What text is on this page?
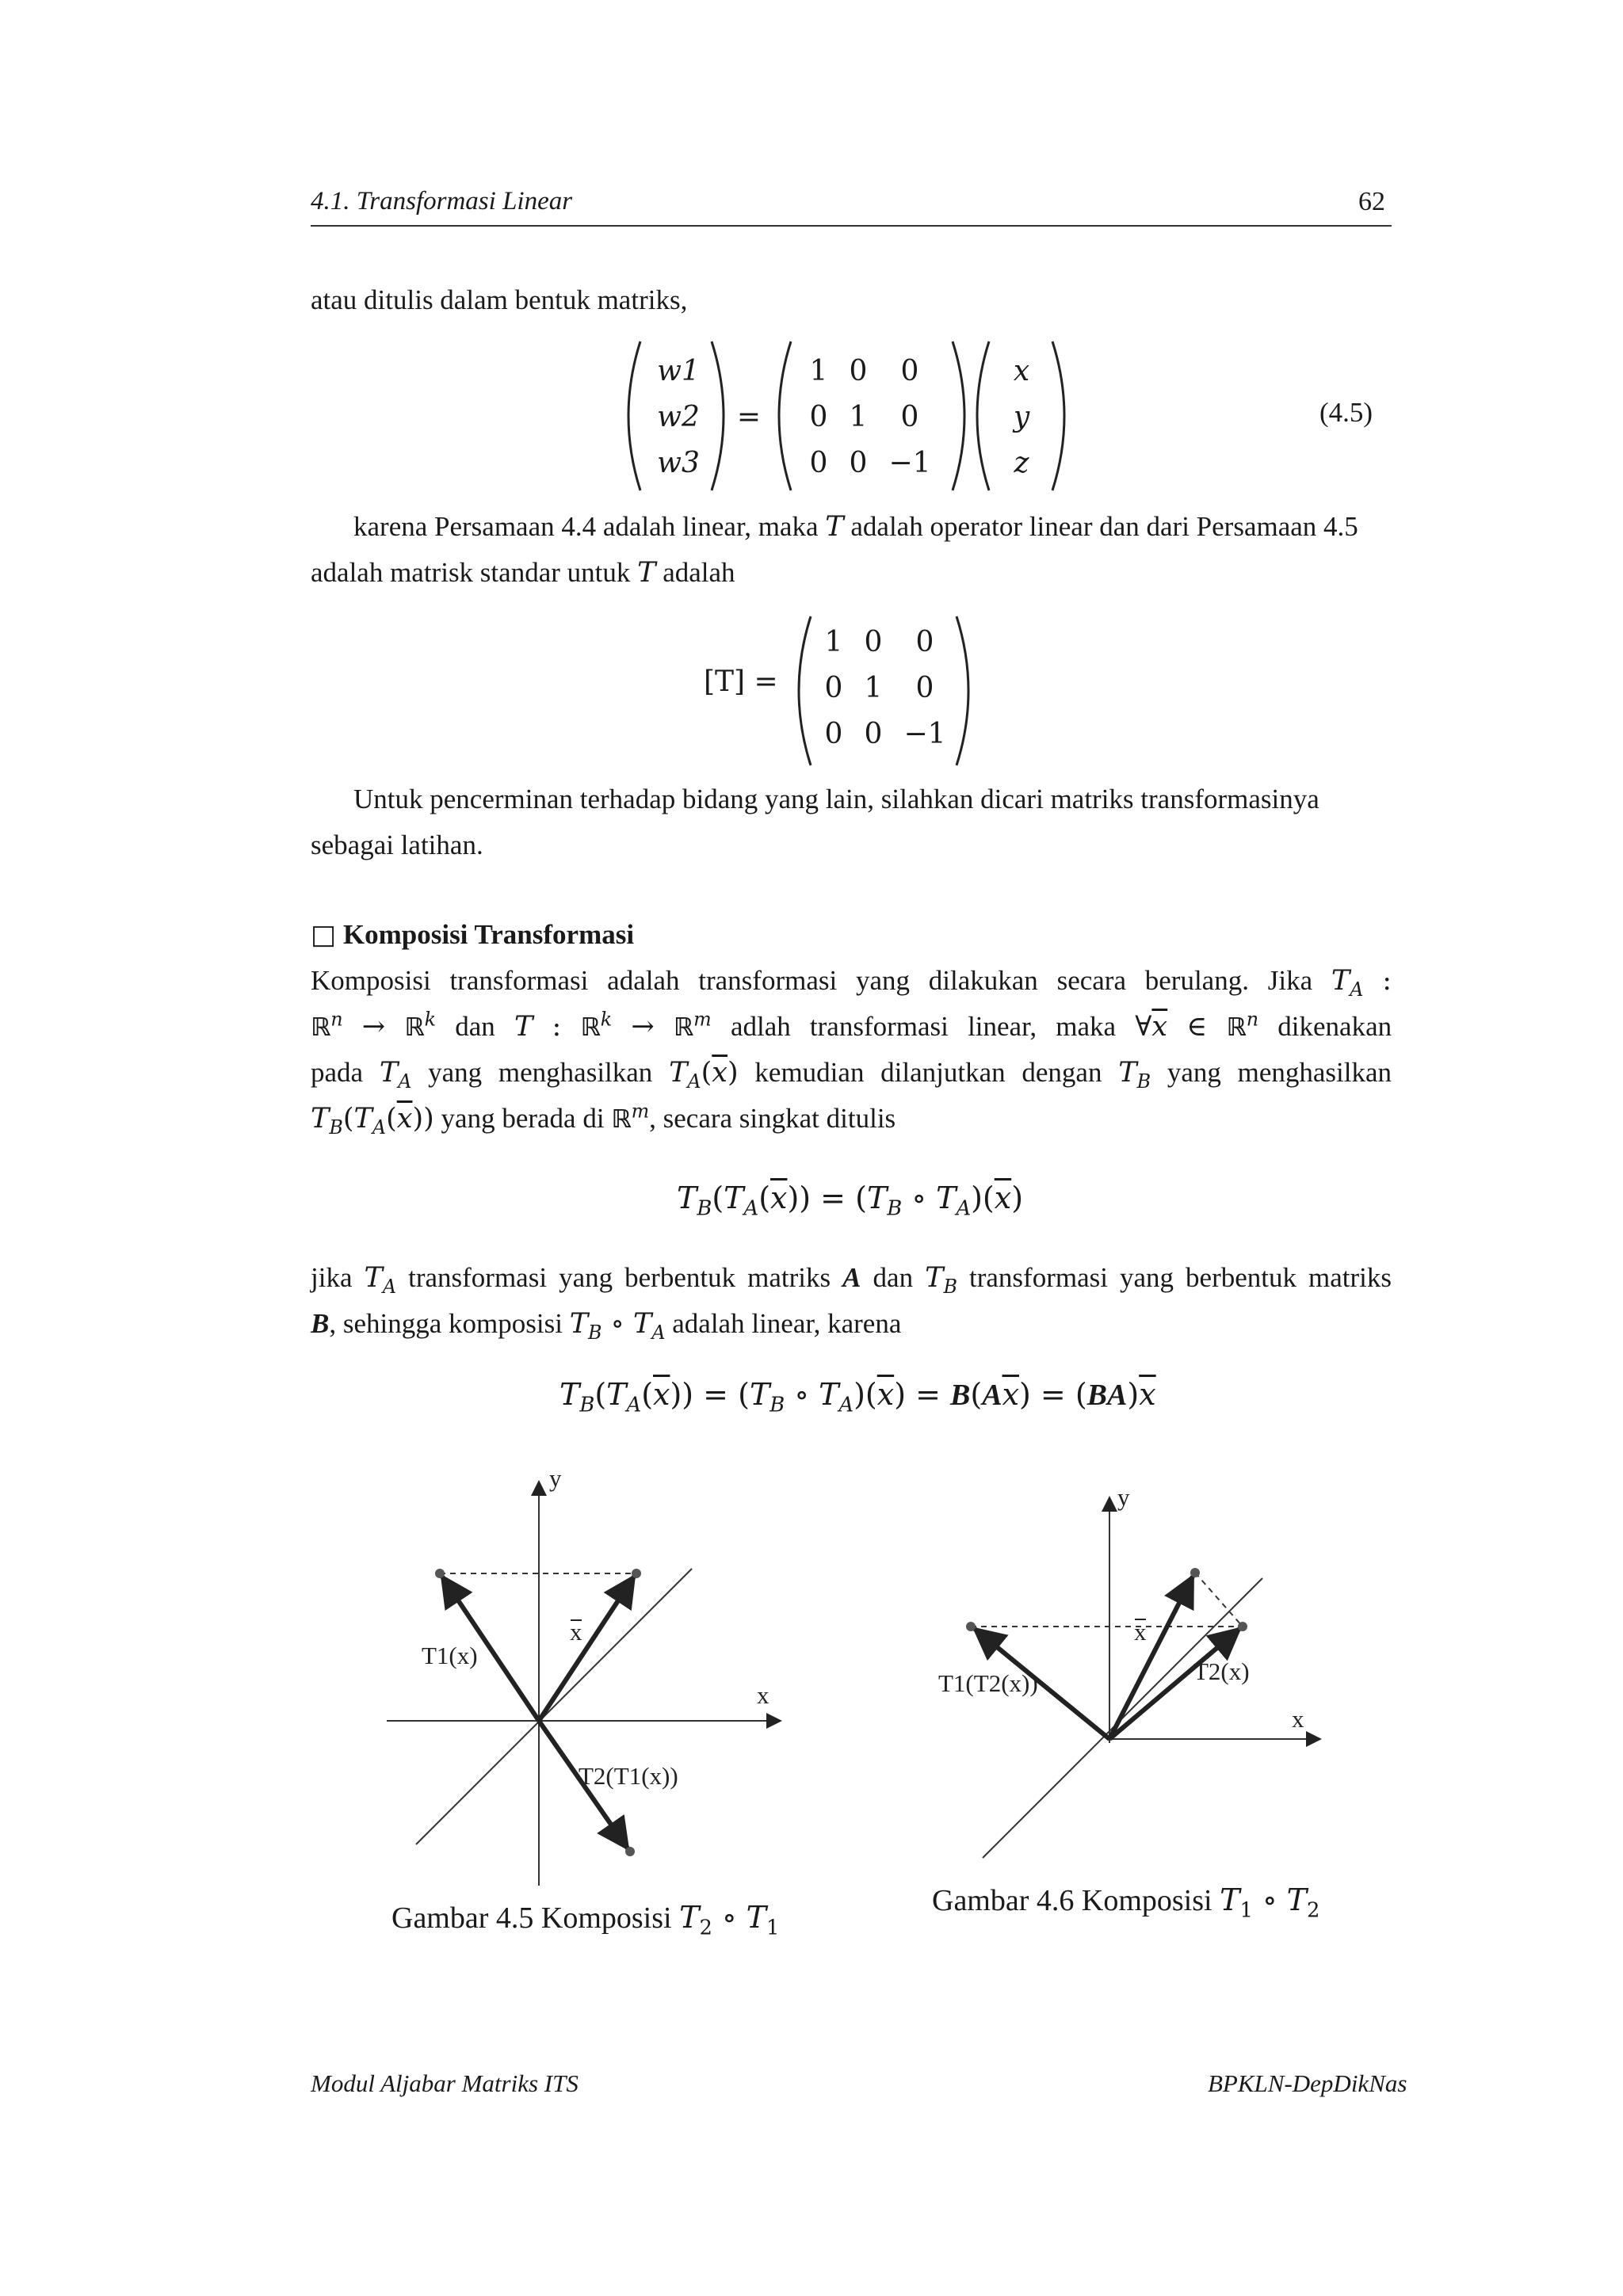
4.1. Transformasi Linear	62
atau ditulis dalam bentuk matriks,
w1
w2
w3
=
1 0	0
0 1	0
0 0 −1
x
y
z
(4.5)
karena Persamaan 4.4 adalah linear, maka T adalah operator linear dan dari Persamaan 4.5
adalah matrisk standar untuk T adalah
[T] =
1 0	0
0 1	0
0 0 −1
Untuk pencerminan terhadap bidang yang lain, silahkan dicari matriks transformasinya
sebagai latihan.
□ Komposisi Transformasi
Komposisi transformasi adalah transformasi yang dilakukan secara berulang. Jika $T_A$ :
ℝ$^n$ → ℝ$^k$ dan T : ℝ$^k$ → ℝ$^m$ adlah transformasi linear, maka $\forall\overline{x}$ ∈ ℝ$^n$ dikenakan
pada $T_A$ yang menghasilkan $T_A(\overline{x})$ kemudian dilanjutkan dengan $T_B$ yang menghasilkan
$T_B(T_A(\overline{x}))$ yang berada di ℝ$^m$, secara singkat ditulis
$T_B(T_A(\overline{x})) = (T_B$ ∘ $T_A)(\overline{x})$
jika $T_A$ transformasi yang berbentuk matriks A dan $T_B$ transformasi yang berbentuk matriks
B, sehingga komposisi $T_B$ ∘ $T_A$ adalah linear, karena
$T_B(T_A(\overline{x})) = (T_B$ ∘ $T_A)(\overline{x}) = B(A\overline{x}) = (BA)\overline{x}$
y
x
x
T1(x)
T2(T1(x))
Gambar 4.5 Komposisi $T_2$ ∘ $T_1$
y
x
x
T2(x)
T1(T2(x))
Gambar 4.6 Komposisi $T_1$ ∘ $T_2$
Modul Aljabar Matriks ITS	BPKLN-DepDikNas
